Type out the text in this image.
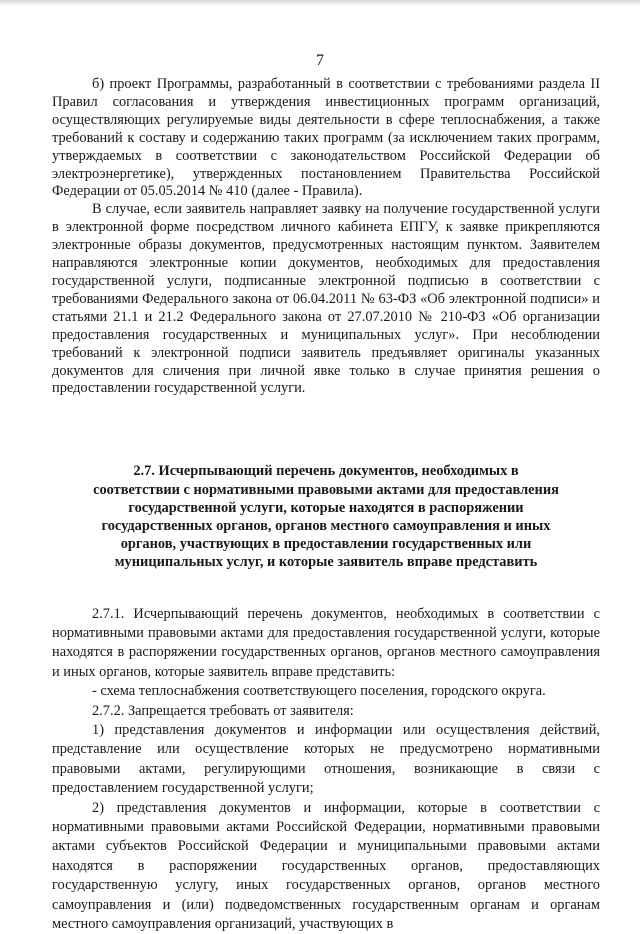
7

б) проект Программы, разработанный в соответствии с требованиями раздела II Правил согласования и утверждения инвестиционных программ организаций, осуществляющих регулируемые виды деятельности в сфере теплоснабжения, а также требований к составу и содержанию таких программ (за исключением таких программ, утверждаемых в соответствии с законодательством Российской Федерации об электроэнергетике), утвержденных постановлением Правительства Российской Федерации от 05.05.2014 № 410 (далее - Правила).

В случае, если заявитель направляет заявку на получение государственной услуги в электронной форме посредством личного кабинета ЕПГУ, к заявке прикрепляются электронные образы документов, предусмотренных настоящим пунктом. Заявителем направляются электронные копии документов, необходимых для предоставления государственной услуги, подписанные электронной подписью в соответствии с требованиями Федерального закона от 06.04.2011 № 63-ФЗ «Об электронной подписи» и статьями 21.1 и 21.2 Федерального закона от 27.07.2010 № 210-ФЗ «Об организации предоставления государственных и муниципальных услуг». При несоблюдении требований к электронной подписи заявитель предъявляет оригиналы указанных документов для сличения при личной явке только в случае принятия решения о предоставлении государственной услуги.

2.7. Исчерпывающий перечень документов, необходимых в соответствии с нормативными правовыми актами для предоставления государственной услуги, которые находятся в распоряжении государственных органов, органов местного самоуправления и иных органов, участвующих в предоставлении государственных или муниципальных услуг, и которые заявитель вправе представить

2.7.1. Исчерпывающий перечень документов, необходимых в соответствии с нормативными правовыми актами для предоставления государственной услуги, которые находятся в распоряжении государственных органов, органов местного самоуправления и иных органов, которые заявитель вправе представить:

- схема теплоснабжения соответствующего поселения, городского округа.

2.7.2. Запрещается требовать от заявителя:

1) представления документов и информации или осуществления действий, представление или осуществление которых не предусмотрено нормативными правовыми актами, регулирующими отношения, возникающие в связи с предоставлением государственной услуги;

2) представления документов и информации, которые в соответствии с нормативными правовыми актами Российской Федерации, нормативными правовыми актами субъектов Российской Федерации и муниципальными правовыми актами находятся в распоряжении государственных органов, предоставляющих государственную услугу, иных государственных органов, органов местного самоуправления и (или) подведомственных государственным органам и органам местного самоуправления организаций, участвующих в
